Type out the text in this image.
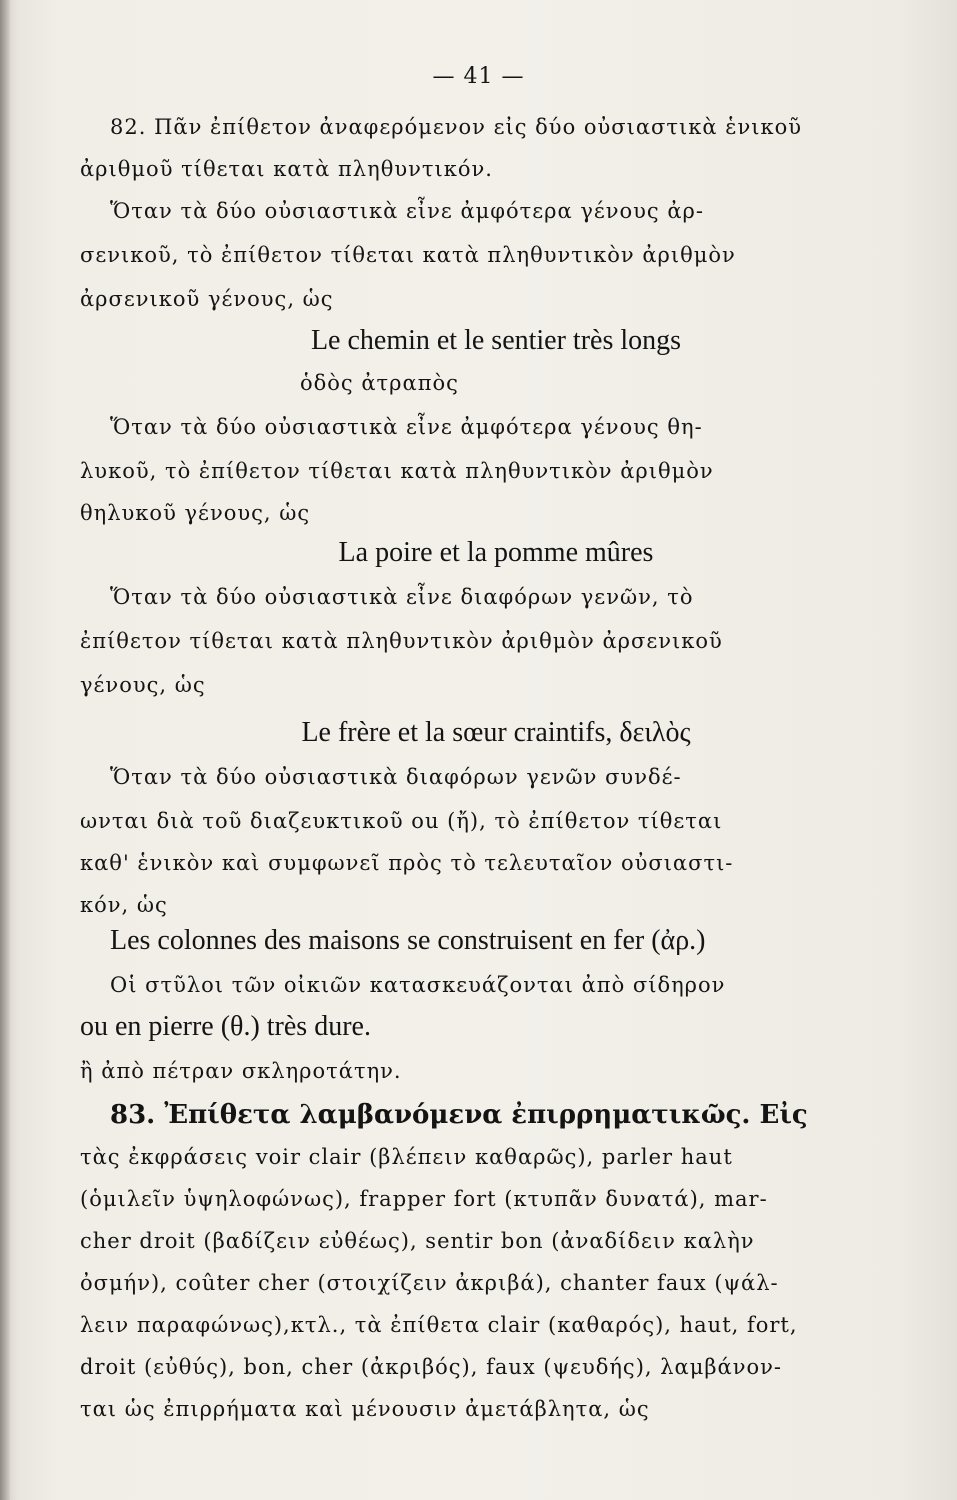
— 41 —
82. Πᾶν ἐπίθετον ἀναφερόμενον εἰς δύο οὐσιαστικὰ ἑνικοῦ
ἀριθμοῦ τίθεται κατὰ πληθυντικόν.
Ὅταν τὰ δύο οὐσιαστικὰ εἶνε ἀμφότερα γένους ἀρ-
σενικοῦ, τὸ ἐπίθετον τίθεται κατὰ πληθυντικὸν ἀριθμὸν
ἀρσενικοῦ γένους, ὡς
Le chemin et le sentier très longs
ὁδὸς ἀτραπὸς
Ὅταν τὰ δύο οὐσιαστικὰ εἶνε ἀμφότερα γένους θη-
λυκοῦ, τὸ ἐπίθετον τίθεται κατὰ πληθυντικὸν ἀριθμὸν
θηλυκοῦ γένους, ὡς
La poire et la pomme mûres
Ὅταν τὰ δύο οὐσιαστικὰ εἶνε διαφόρων γενῶν, τὸ
ἐπίθετον τίθεται κατὰ πληθυντικὸν ἀριθμὸν ἀρσενικοῦ
γένους, ὡς
Le frère et la sœur craintifs, δειλὸς
Ὅταν τὰ δύο οὐσιαστικὰ διαφόρων γενῶν συνδέ-
ωνται διὰ τοῦ διαζευκτικοῦ ou (ἤ), τὸ ἐπίθετον τίθεται
καθ' ἑνικὸν καὶ συμφωνεῖ πρὸς τὸ τελευταῖον οὐσιαστι-
κόν, ὡς
Les colonnes des maisons se construisent en fer (ἀρ.)
Οἱ στῦλοι τῶν οἰκιῶν κατασκευάζονται ἀπὸ σίδηρον
ou en pierre (θ.) très dure.
ἢ ἀπὸ πέτραν σκληροτάτην.
83. Ἐπίθετα λαμβανόμενα ἐπιρρηματικῶς. Εἰς
τὰς ἐκφράσεις voir clair (βλέπειν καθαρῶς), parler haut
(ὁμιλεῖν ὑψηλοφώνως), frapper fort (κτυπᾶν δυνατά), mar-
cher droit (βαδίζειν εὐθέως), sentir bon (ἀναδίδειν καλὴν
ὀσμήν), coûter cher (στοιχίζειν ἀκριβά), chanter faux (ψάλ-
λειν παραφώνως),κτλ., τὰ ἐπίθετα clair (καθαρός), haut, fort,
droit (εὐθύς), bon, cher (ἀκριβός), faux (ψευδής), λαμβάνον-
ται ὡς ἐπιρρήματα καὶ μένουσιν ἀμετάβλητα, ὡς
